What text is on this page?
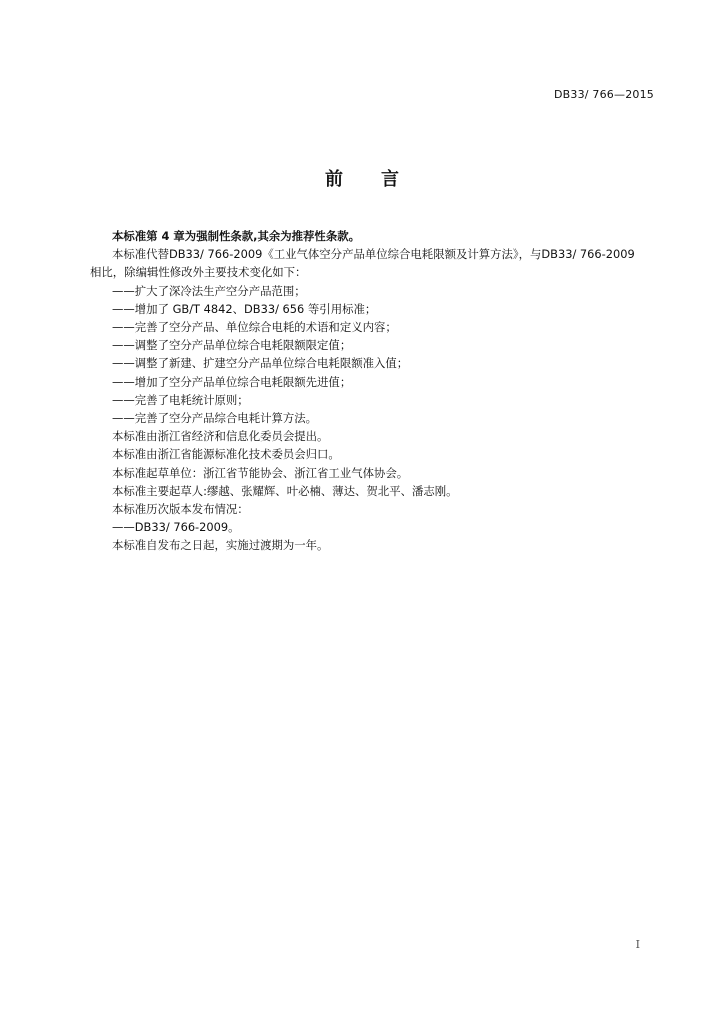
DB33/ 766—2015
前 言

本标准第 4 章为强制性条款,其余为推荐性条款。

本标准代替DB33/ 766-2009《工业气体空分产品单位综合电耗限额及计算方法》，与DB33/ 766-2009

相比，除编辑性修改外主要技术变化如下：

——扩大了深冷法生产空分产品范围；

——增加了 GB/T 4842、DB33/ 656 等引用标准；

——完善了空分产品、单位综合电耗的术语和定义内容；

——调整了空分产品单位综合电耗限额限定值；

——调整了新建、扩建空分产品单位综合电耗限额准入值；

——增加了空分产品单位综合电耗限额先进值；

——完善了电耗统计原则；

——完善了空分产品综合电耗计算方法。

本标准由浙江省经济和信息化委员会提出。

本标准由浙江省能源标准化技术委员会归口。

本标准起草单位：浙江省节能协会、浙江省工业气体协会。

本标准主要起草人:缪越、张耀辉、叶必楠、薄达、贺北平、潘志刚。

本标准历次版本发布情况：

——DB33/ 766-2009。

本标准自发布之日起，实施过渡期为一年。

I
